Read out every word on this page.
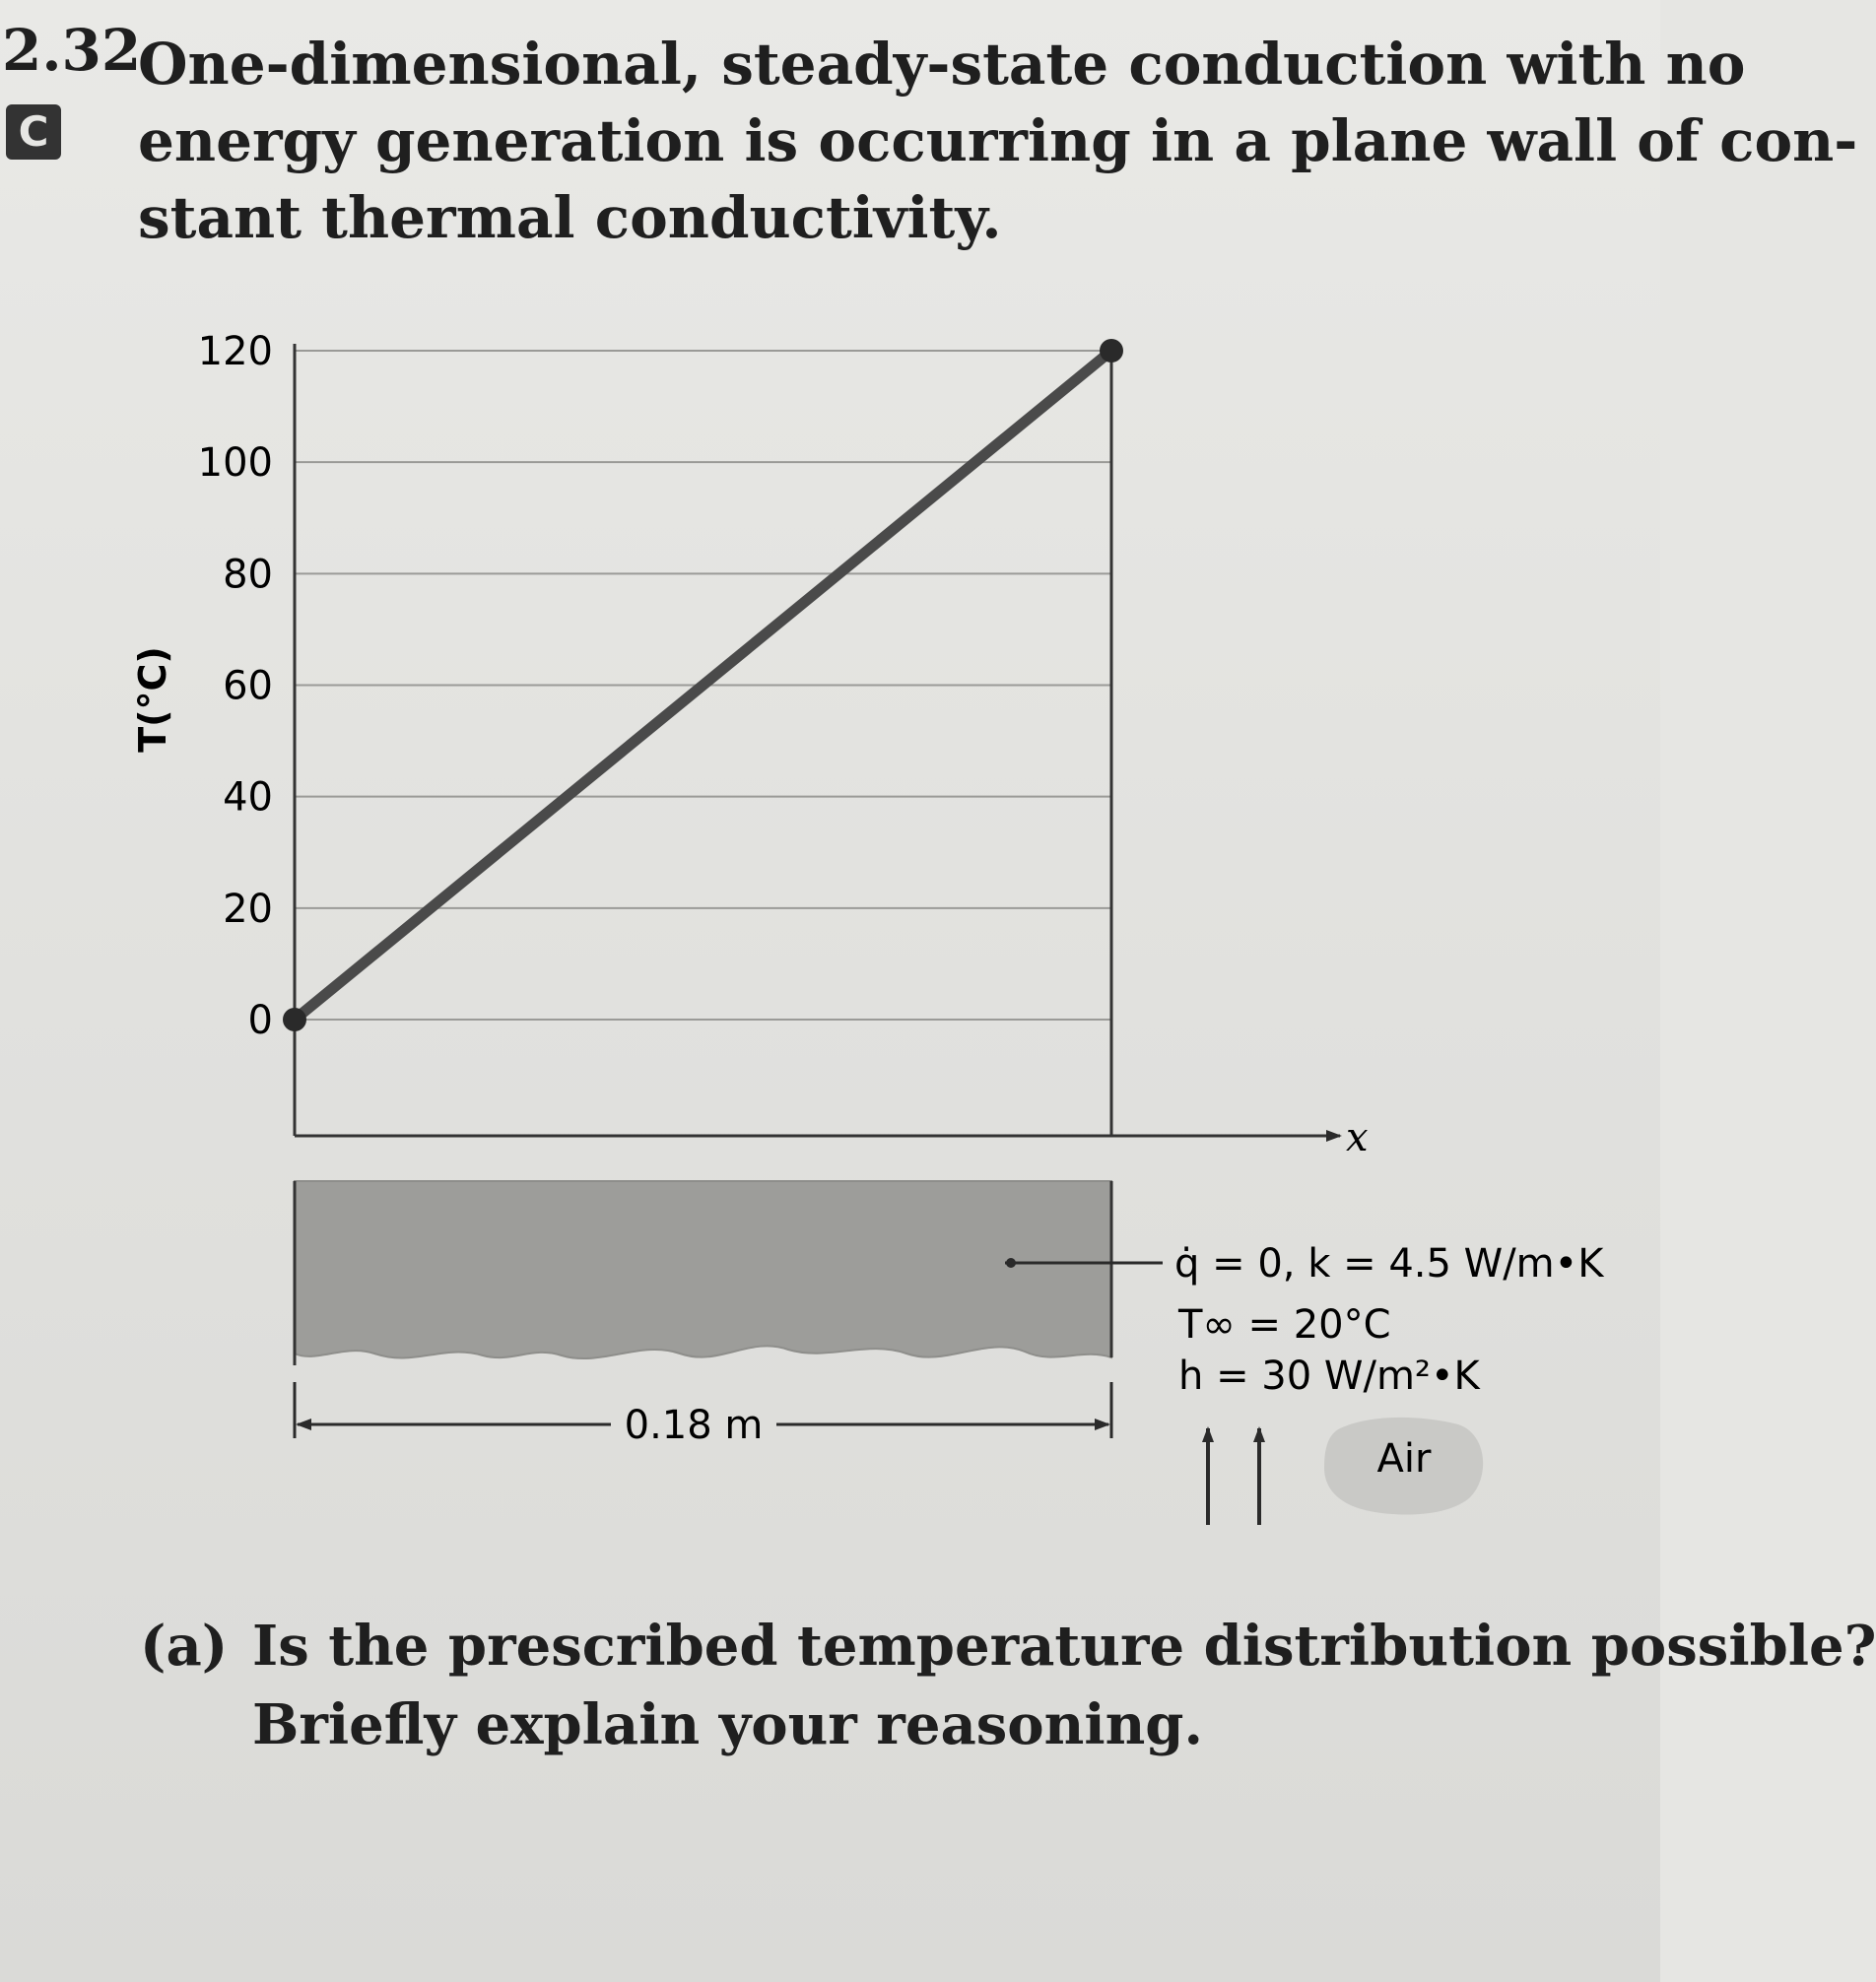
2.32
C
One-dimensional, steady-state conduction with no
energy generation is occurring in a plane wall of con-
stant thermal conductivity.
x
120
100
80
60
40
20
0
T(°C)
q̇ = 0, k = 4.5 W/m•K
T∞ = 20°C
h = 30 W/m²•K
0.18 m
Air
(a) Is the prescribed temperature distribution possible?
Briefly explain your reasoning.
